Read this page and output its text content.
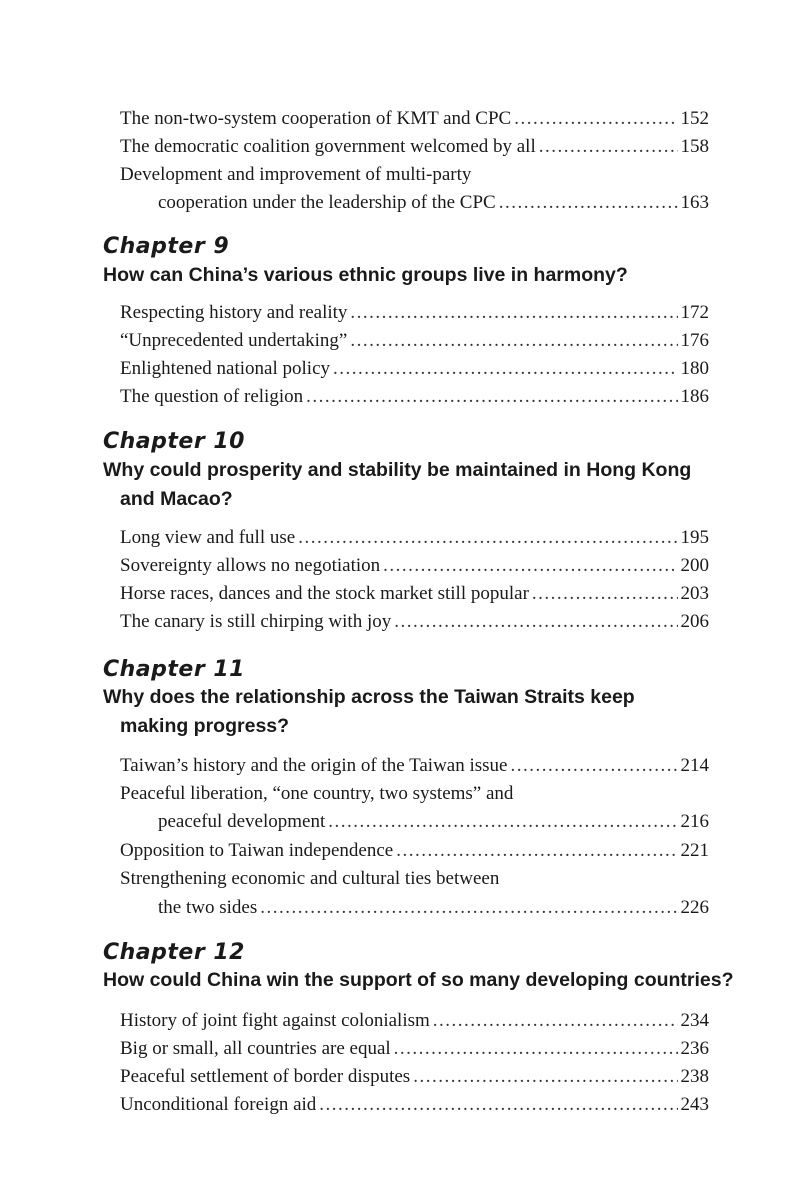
The non-two-system cooperation of KMT and CPC .....	152
The democratic coalition government welcomed by all .....	158
Development and improvement of multi-party
cooperation under the leadership of the CPC .....	163
Chapter 9
How can China’s various ethnic groups live in harmony?
Respecting history and reality .....	172
“Unprecedented undertaking” .....	176
Enlightened national policy .....	180
The question of religion .....	186
Chapter 10
Why could prosperity and stability be maintained in Hong Kong
and Macao?
Long view and full use .....	195
Sovereignty allows no negotiation .....	200
Horse races, dances and the stock market still popular .....	203
The canary is still chirping with joy .....	206
Chapter 11
Why does the relationship across the Taiwan Straits keep
making progress?
Taiwan’s history and the origin of the Taiwan issue .....	214
Peaceful liberation, “one country, two systems” and
peaceful development .....	216
Opposition to Taiwan independence .....	221
Strengthening economic and cultural ties between
the two sides .....	226
Chapter 12
How could China win the support of so many developing countries?
History of joint fight against colonialism .....	234
Big or small, all countries are equal .....	236
Peaceful settlement of border disputes .....	238
Unconditional foreign aid .....	243
